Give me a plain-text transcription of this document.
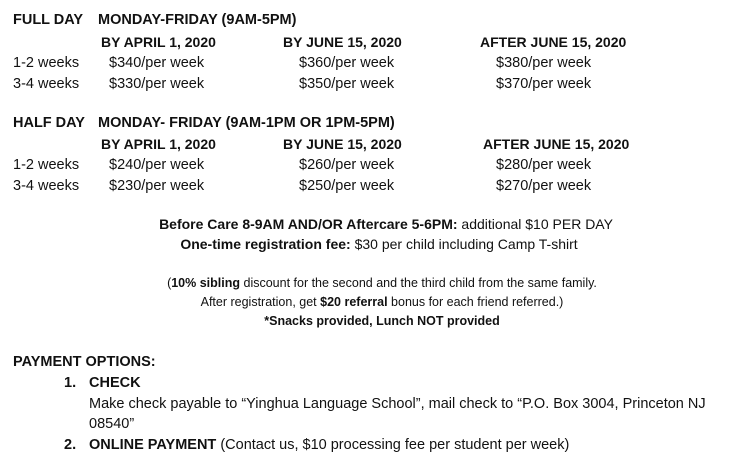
FULL DAY MONDAY-FRIDAY (9AM-5PM)
BY APRIL 1, 2020	BY JUNE 15, 2020	AFTER JUNE 15, 2020
1-2 weeks $340/per week	$360/per week	$380/per week
3-4 weeks $330/per week	$350/per week	$370/per week
HALF DAY MONDAY- FRIDAY (9AM-1PM OR 1PM-5PM)
BY APRIL 1, 2020	BY JUNE 15, 2020	AFTER JUNE 15, 2020
1-2 weeks $240/per week	$260/per week	$280/per week
3-4 weeks $230/per week	$250/per week	$270/per week
Before Care 8-9AM AND/OR Aftercare 5-6PM: additional $10 PER DAY
One-time registration fee: $30 per child including Camp T-shirt
(10% sibling discount for the second and the third child from the same family.
After registration, get $20 referral bonus for each friend referred.)
*Snacks provided, Lunch NOT provided
PAYMENT OPTIONS:
1. CHECK
Make check payable to “Yinghua Language School”, mail check to “P.O. Box 3004, Princeton NJ
08540”
2. ONLINE PAYMENT (Contact us, $10 processing fee per student per week)
